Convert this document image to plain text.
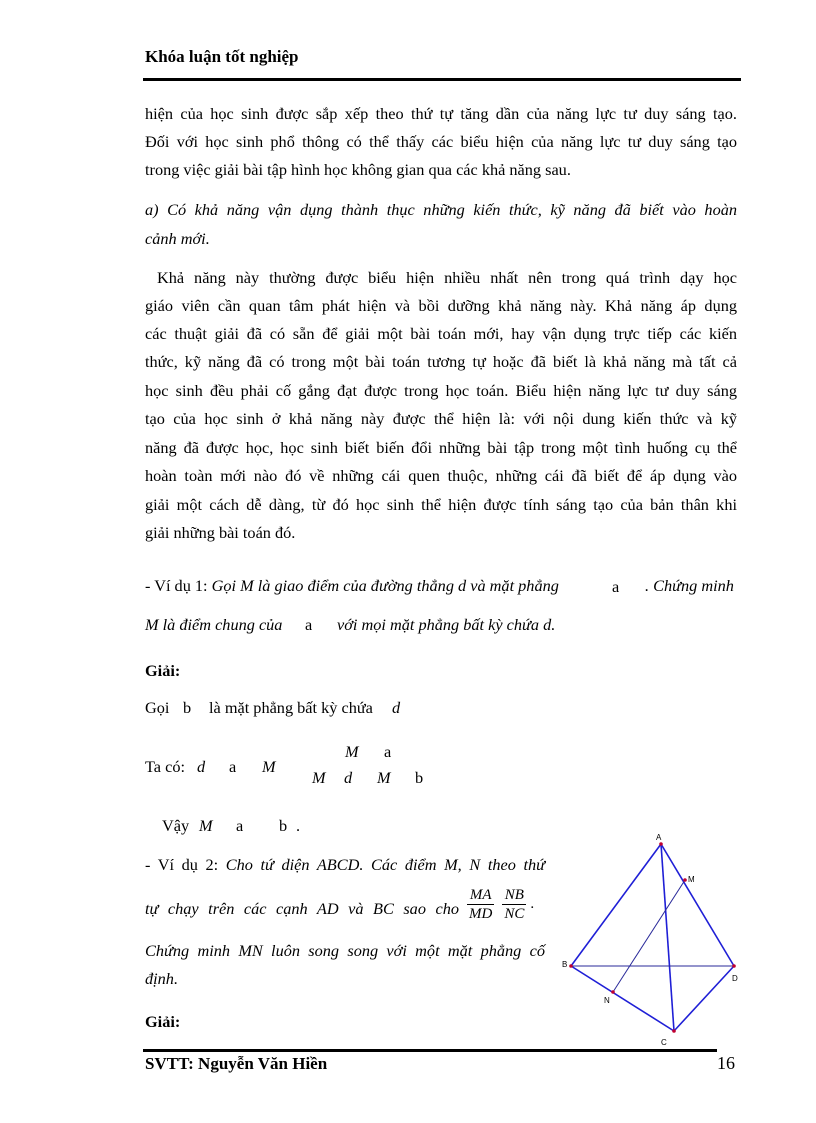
Khóa luận tốt nghiệp
hiện của học sinh được sắp xếp theo thứ tự tăng dần của năng lực tư duy sáng tạo.
Đối với học sinh phổ thông có thể thấy các biểu hiện của năng lực tư duy sáng tạo
trong việc giải bài tập hình học không gian qua các khả năng sau.
a) Có khả năng vận dụng thành thục những kiến thức, kỹ năng đã biết vào hoàn
cảnh mới.
Khả năng này thường được biểu hiện nhiều nhất nên trong quá trình dạy học
giáo viên cần quan tâm phát hiện và bồi dưỡng khả năng này. Khả năng áp dụng
các thuật giải đã có sẵn để giải một bài toán mới, hay vận dụng trực tiếp các kiến
thức, kỹ năng đã có trong một bài toán tương tự hoặc đã biết là khả năng mà tất cả
học sinh đều phải cố gắng đạt được trong học toán. Biểu hiện năng lực tư duy sáng
tạo của học sinh ở khả năng này được thể hiện là: với nội dung kiến thức và kỹ
năng đã được học, học sinh biết biến đổi những bài tập trong một tình huống cụ thể
hoàn toàn mới nào đó về những cái quen thuộc, những cái đã biết để áp dụng vào
giải một cách dễ dàng, từ đó học sinh thể hiện được tính sáng tạo của bản thân khi
giải những bài toán đó.
- Ví dụ 1: Gọi M là giao điểm của đường thẳng d và mặt phẳng	a . Chứng minh
M là điểm chung của a với mọi mặt phẳng bất kỳ chứa d.
Giải:
Gọi b là mặt phẳng bất kỳ chứa d
Ta có: d a M
M a
M d M b
Vậy M a b .
- Ví dụ 2: Cho tứ diện ABCD. Các điểm M, N theo thứ
tự chạy trên các cạnh AD và BC sao cho $\frac{MA}{MD} \frac{NB}{NC}$ .
Chứng minh MN luôn song song với một mặt phẳng cố
định.
Giải:
A
B
C
D
M
N
SVTT: Nguyễn Văn Hiền	16
